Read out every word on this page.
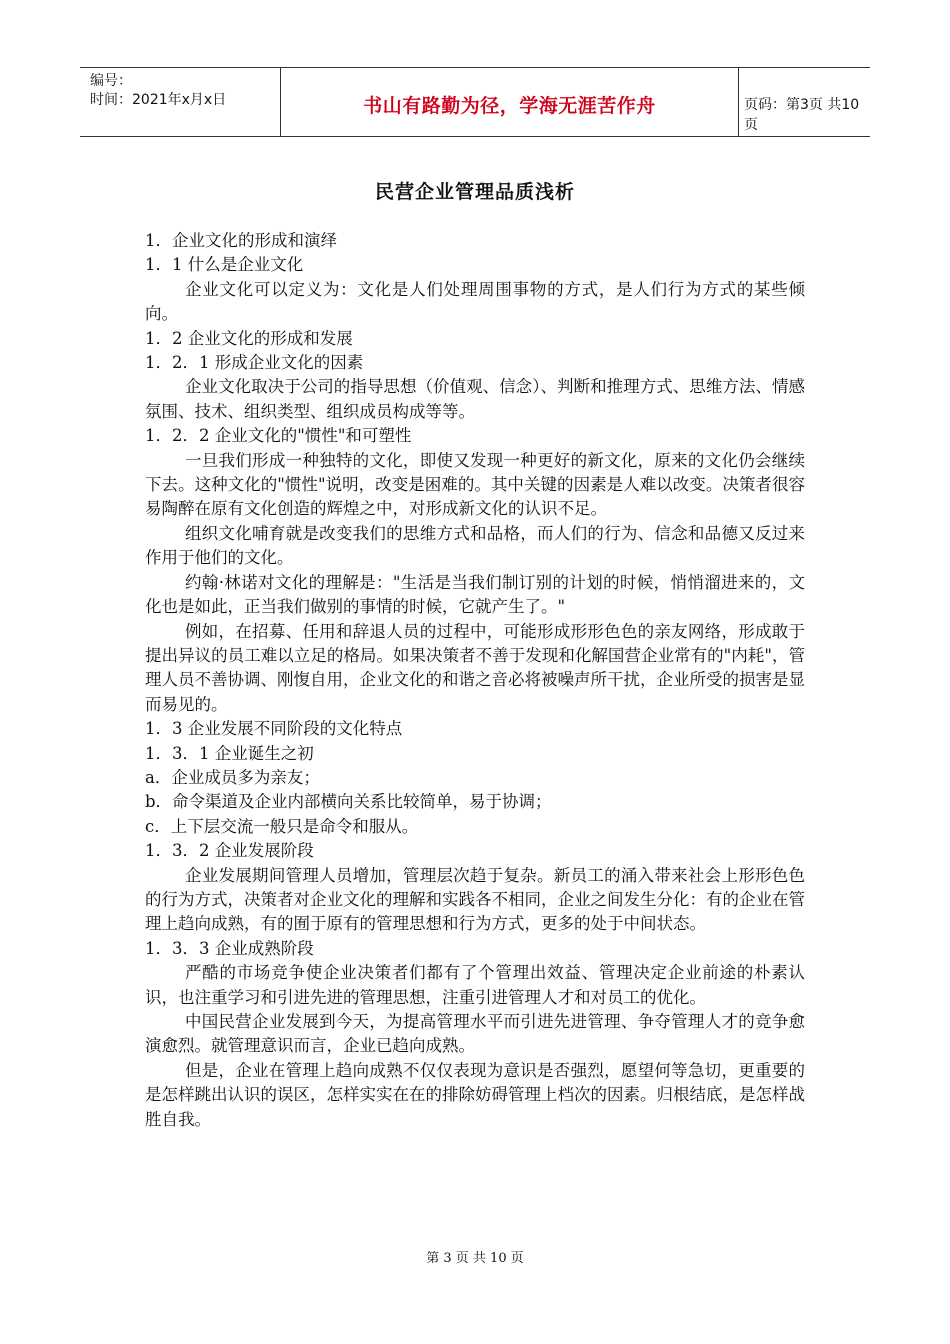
编号：
时间：2021年x月x日	书山有路勤为径，学海无涯苦作舟	页码：第3页 共10页
民营企业管理品质浅析

1．企业文化的形成和演绎

1．1 什么是企业文化

企业文化可以定义为：文化是人们处理周围事物的方式，是人们行为方式的某些倾向。

1．2 企业文化的形成和发展

1．2．1 形成企业文化的因素

企业文化取决于公司的指导思想（价值观、信念）、判断和推理方式、思维方法、情感氛围、技术、组织类型、组织成员构成等等。

1．2．2 企业文化的"惯性"和可塑性

一旦我们形成一种独特的文化，即使又发现一种更好的新文化，原来的文化仍会继续下去。这种文化的"惯性"说明，改变是困难的。其中关键的因素是人难以改变。决策者很容易陶醉在原有文化创造的辉煌之中，对形成新文化的认识不足。

组织文化哺育就是改变我们的思维方式和品格，而人们的行为、信念和品德又反过来作用于他们的文化。

约翰·林诺对文化的理解是："生活是当我们制订别的计划的时候，悄悄溜进来的，文化也是如此，正当我们做别的事情的时候，它就产生了。"

例如，在招募、任用和辞退人员的过程中，可能形成形形色色的亲友网络，形成敢于提出异议的员工难以立足的格局。如果决策者不善于发现和化解国营企业常有的"内耗"，管理人员不善协调、刚愎自用，企业文化的和谐之音必将被噪声所干扰，企业所受的损害是显而易见的。

1．3 企业发展不同阶段的文化特点

1．3．1 企业诞生之初

a．企业成员多为亲友；

b．命令渠道及企业内部横向关系比较简单，易于协调；

c．上下层交流一般只是命令和服从。

1．3．2 企业发展阶段

企业发展期间管理人员增加，管理层次趋于复杂。新员工的涌入带来社会上形形色色的行为方式，决策者对企业文化的理解和实践各不相同，企业之间发生分化：有的企业在管理上趋向成熟，有的囿于原有的管理思想和行为方式，更多的处于中间状态。

1．3．3 企业成熟阶段

严酷的市场竞争使企业决策者们都有了个管理出效益、管理决定企业前途的朴素认识，也注重学习和引进先进的管理思想，注重引进管理人才和对员工的优化。

中国民营企业发展到今天，为提高管理水平而引进先进管理、争夺管理人才的竞争愈演愈烈。就管理意识而言，企业已趋向成熟。

但是，企业在管理上趋向成熟不仅仅表现为意识是否强烈，愿望何等急切，更重要的是怎样跳出认识的误区，怎样实实在在的排除妨碍管理上档次的因素。归根结底，是怎样战胜自我。

第 3 页 共 10 页
